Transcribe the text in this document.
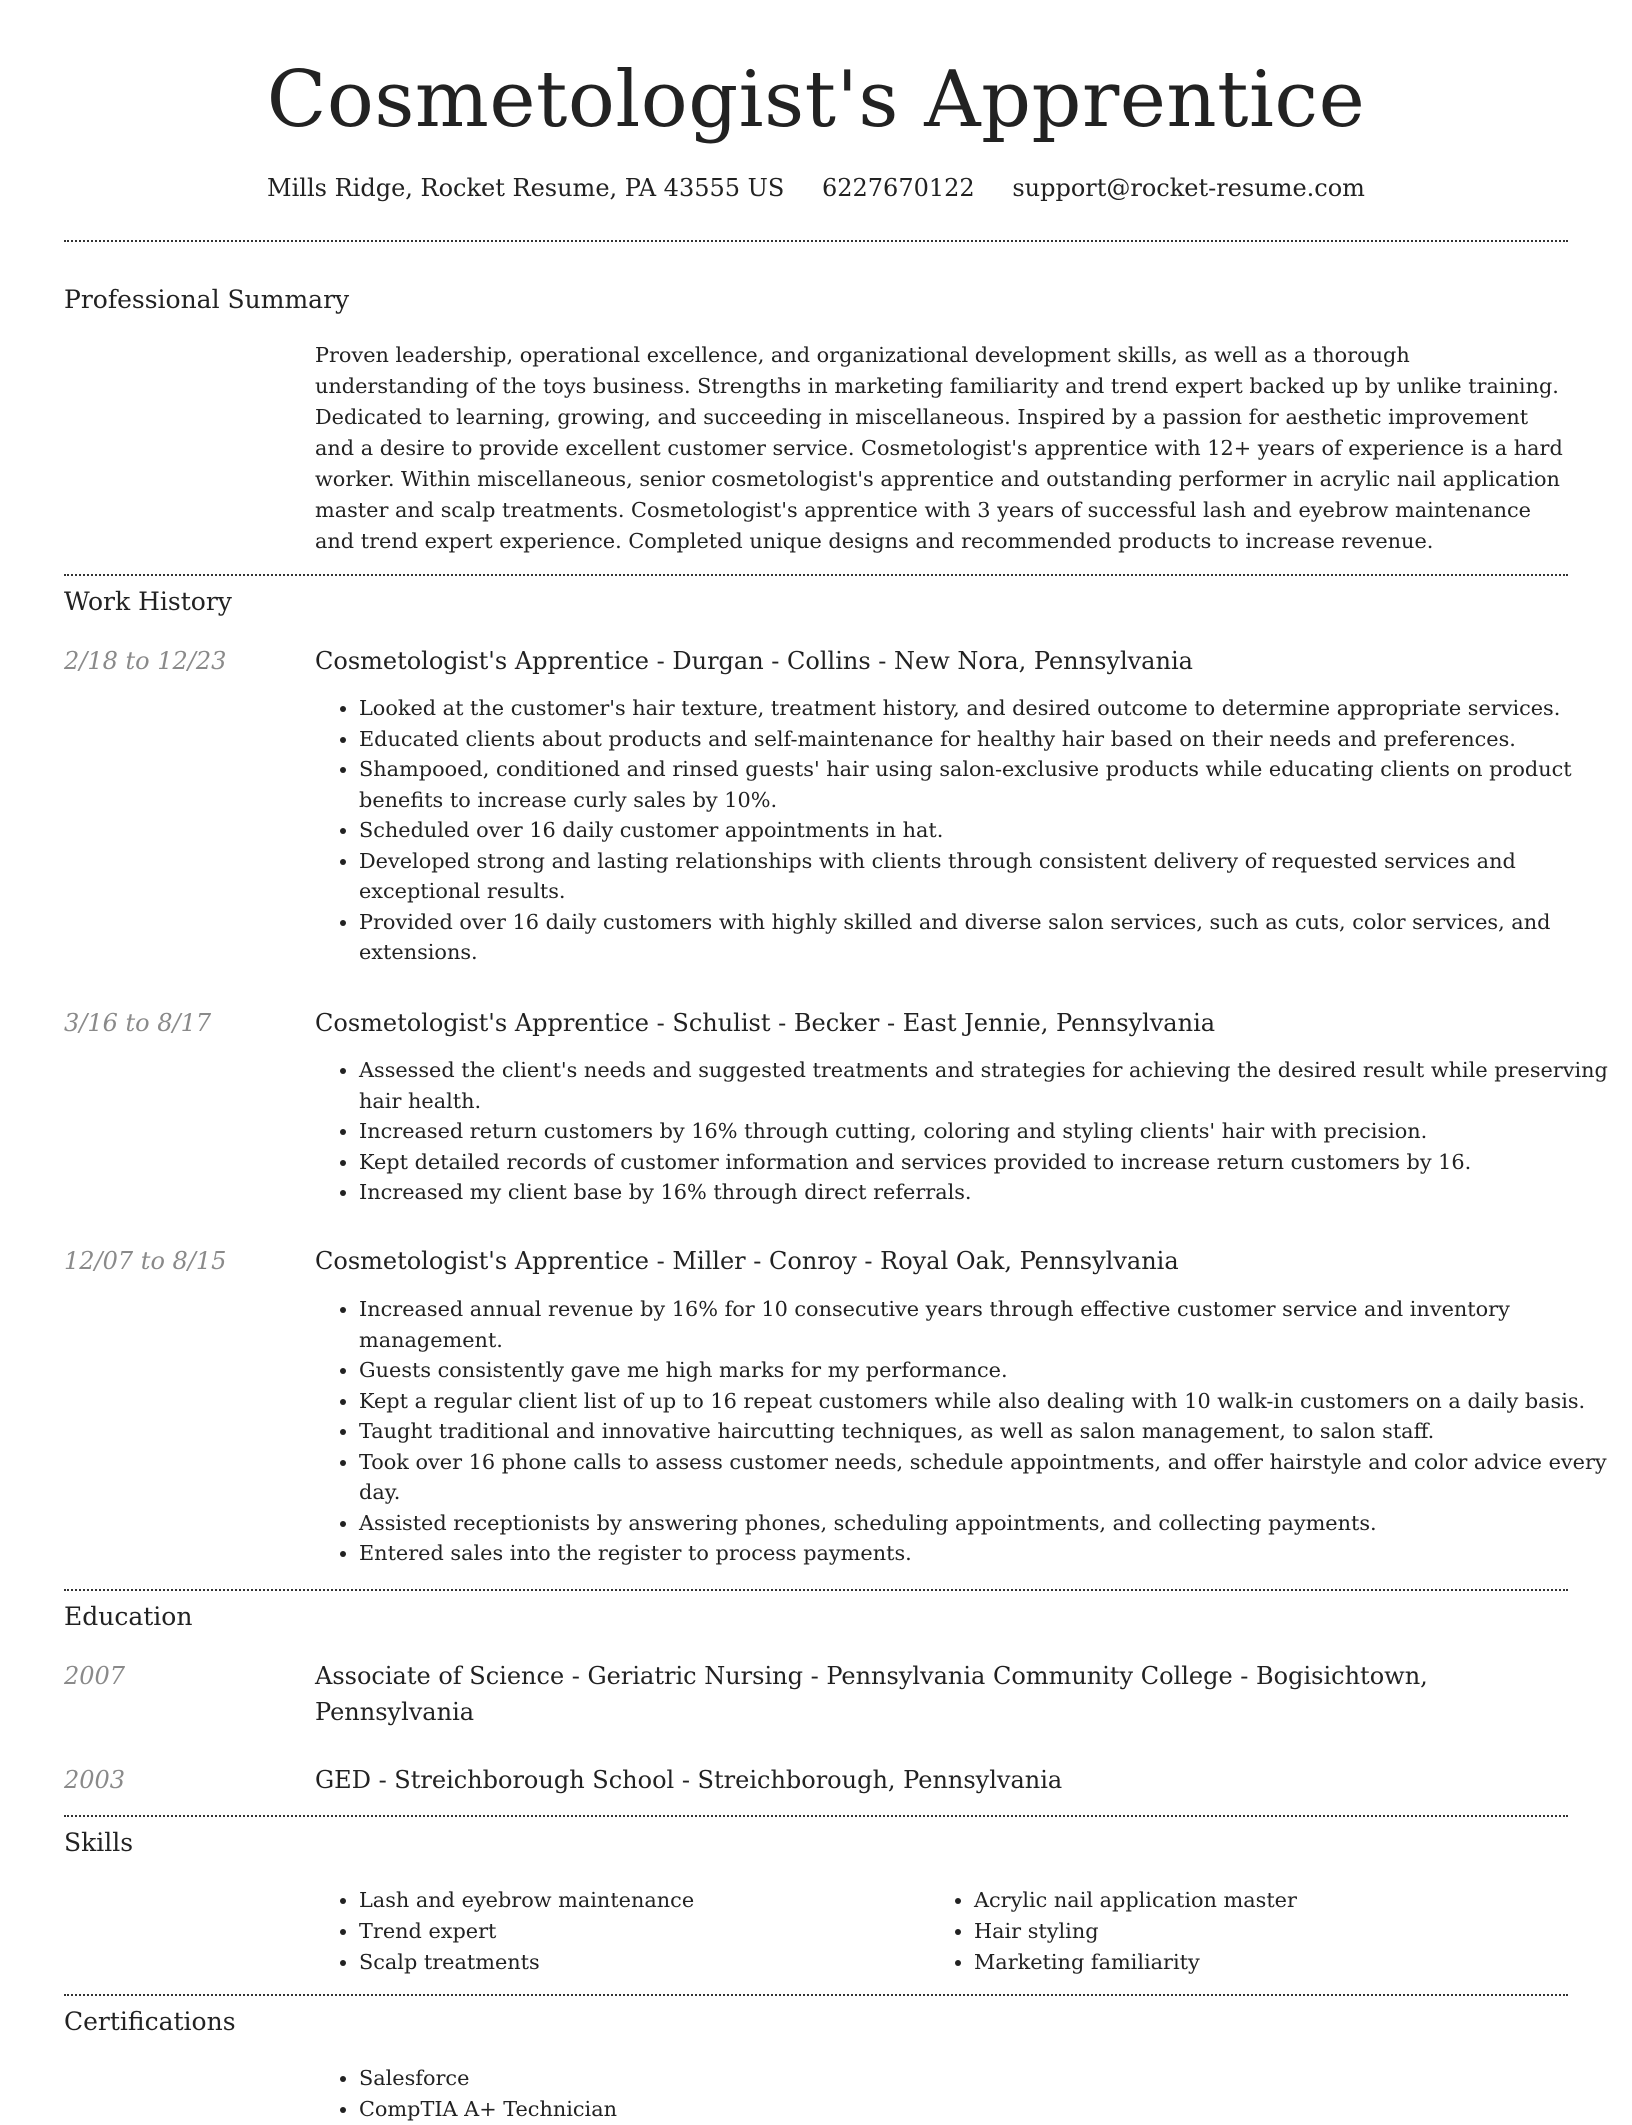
Cosmetologist's Apprentice
Mills Ridge, Rocket Resume, PA 43555 US 6227670122 support@rocket-resume.com
Professional Summary

Proven leadership, operational excellence, and organizational development skills, as well as a thorough understanding of the toys business. Strengths in marketing familiarity and trend expert backed up by unlike training. Dedicated to learning, growing, and succeeding in miscellaneous. Inspired by a passion for aesthetic improvement and a desire to provide excellent customer service. Cosmetologist's apprentice with 12+ years of experience is a hard worker. Within miscellaneous, senior cosmetologist's apprentice and outstanding performer in acrylic nail application master and scalp treatments. Cosmetologist's apprentice with 3 years of successful lash and eyebrow maintenance and trend expert experience. Completed unique designs and recommended products to increase revenue.

Work History
2/18 to 12/23	Cosmetologist's Apprentice - Durgan - Collins - New Nora, Pennsylvania
• Looked at the customer's hair texture, treatment history, and desired outcome to determine appropriate services.
• Educated clients about products and self-maintenance for healthy hair based on their needs and preferences.
• Shampooed, conditioned and rinsed guests' hair using salon-exclusive products while educating clients on product benefits to increase curly sales by 10%.
• Scheduled over 16 daily customer appointments in hat.
• Developed strong and lasting relationships with clients through consistent delivery of requested services and exceptional results.
• Provided over 16 daily customers with highly skilled and diverse salon services, such as cuts, color services, and extensions.
3/16 to 8/17	Cosmetologist's Apprentice - Schulist - Becker - East Jennie, Pennsylvania
• Assessed the client's needs and suggested treatments and strategies for achieving the desired result while preserving hair health.
• Increased return customers by 16% through cutting, coloring and styling clients' hair with precision.
• Kept detailed records of customer information and services provided to increase return customers by 16.
• Increased my client base by 16% through direct referrals.
12/07 to 8/15	Cosmetologist's Apprentice - Miller - Conroy - Royal Oak, Pennsylvania
• Increased annual revenue by 16% for 10 consecutive years through effective customer service and inventory management.
• Guests consistently gave me high marks for my performance.
• Kept a regular client list of up to 16 repeat customers while also dealing with 10 walk-in customers on a daily basis.
• Taught traditional and innovative haircutting techniques, as well as salon management, to salon staff.
• Took over 16 phone calls to assess customer needs, schedule appointments, and offer hairstyle and color advice every day.
• Assisted receptionists by answering phones, scheduling appointments, and collecting payments.
• Entered sales into the register to process payments.
Education
2007	Associate of Science - Geriatric Nursing - Pennsylvania Community College - Bogisichtown, Pennsylvania
2003	GED - Streichborough School - Streichborough, Pennsylvania
Skills
• Lash and eyebrow maintenance
• Trend expert
• Scalp treatments
• Acrylic nail application master
• Hair styling
• Marketing familiarity
Certifications
• Salesforce
• CompTIA A+ Technician
